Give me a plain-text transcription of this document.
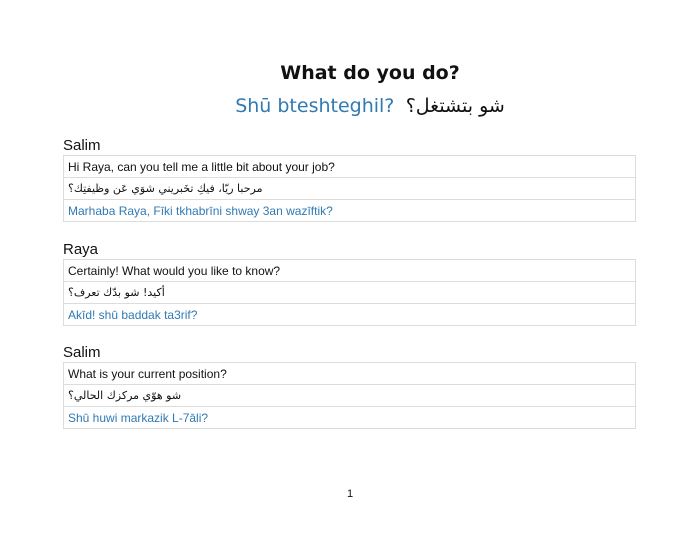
What do you do?
Shū bteshteghil? شو بتشتغل؟
Salim
Hi Raya, can you tell me a little bit about your job?
مرحبا ريّا، فيكِ تخَبريني شوَي عَن وظيفتِك؟
Marhaba Raya, Fīki tkhabrīni shway 3an wazīftik?
Raya
Certainly! What would you like to know?
أكيد! شو بدّك تعرف؟
Akīd! shū baddak ta3rif?
Salim
What is your current position?
شو هوّي مركزك الحالي؟
Shū huwi markazik L-7āli?
1
